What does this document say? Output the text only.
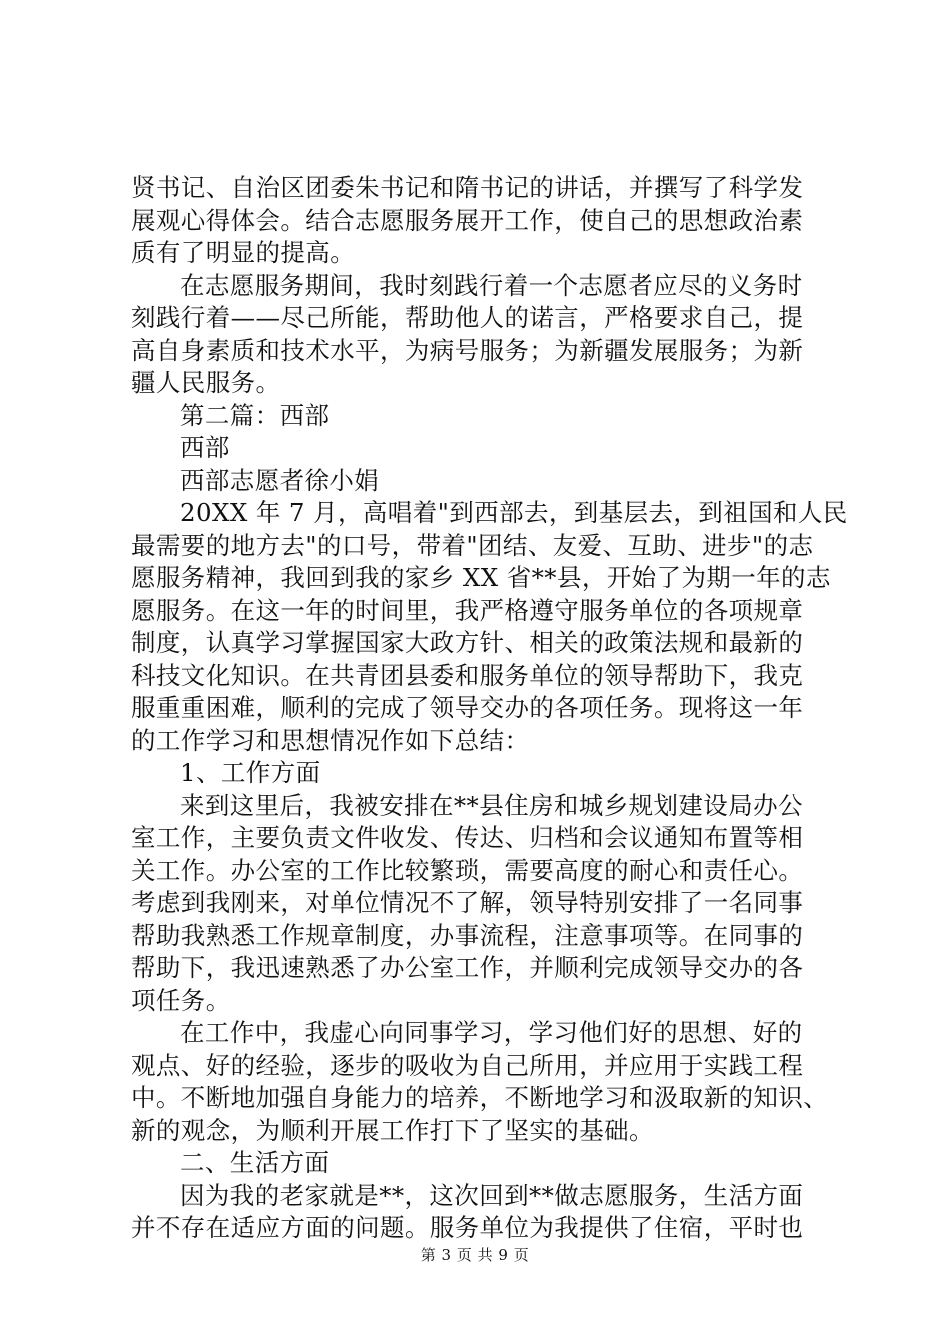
贤书记、自治区团委朱书记和隋书记的讲话，并撰写了科学发
展观心得体会。结合志愿服务展开工作，使自己的思想政治素
质有了明显的提高。
在志愿服务期间，我时刻践行着一个志愿者应尽的义务时
刻践行着——尽己所能，帮助他人的诺言，严格要求自己，提
高自身素质和技术水平，为病号服务；为新疆发展服务；为新
疆人民服务。
第二篇：西部
西部
西部志愿者徐小娟
20XX 年 7 月，高唱着"到西部去，到基层去，到祖国和人民
最需要的地方去"的口号，带着"团结、友爱、互助、进步"的志
愿服务精神，我回到我的家乡 XX 省**县，开始了为期一年的志
愿服务。在这一年的时间里，我严格遵守服务单位的各项规章
制度，认真学习掌握国家大政方针、相关的政策法规和最新的
科技文化知识。在共青团县委和服务单位的领导帮助下，我克
服重重困难，顺利的完成了领导交办的各项任务。现将这一年
的工作学习和思想情况作如下总结：
1、工作方面
来到这里后，我被安排在**县住房和城乡规划建设局办公
室工作，主要负责文件收发、传达、归档和会议通知布置等相
关工作。办公室的工作比较繁琐，需要高度的耐心和责任心。
考虑到我刚来，对单位情况不了解，领导特别安排了一名同事
帮助我熟悉工作规章制度，办事流程，注意事项等。在同事的
帮助下，我迅速熟悉了办公室工作，并顺利完成领导交办的各
项任务。
在工作中，我虚心向同事学习，学习他们好的思想、好的
观点、好的经验，逐步的吸收为自己所用，并应用于实践工程
中。不断地加强自身能力的培养，不断地学习和汲取新的知识、
新的观念，为顺利开展工作打下了坚实的基础。
二、生活方面
因为我的老家就是**，这次回到**做志愿服务，生活方面
并不存在适应方面的问题。服务单位为我提供了住宿，平时也
第 3 页 共 9 页
